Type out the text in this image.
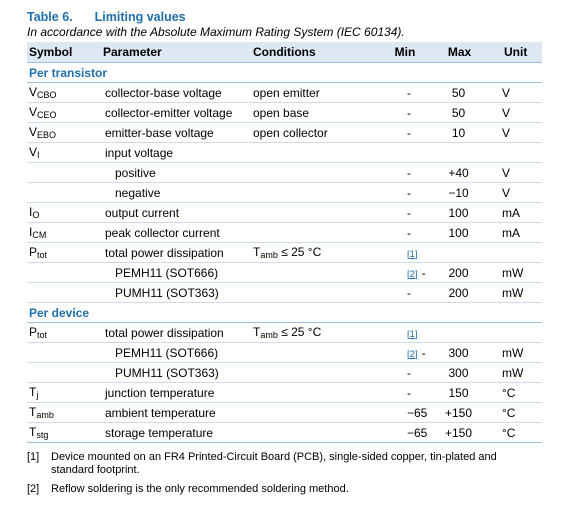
Table 6. Limiting values
In accordance with the Absolute Maximum Rating System (IEC 60134).
Symbol	Parameter	Conditions	Min	Max	Unit
Per transistor					
$V_{CBO}$	collector-base voltage	open emitter	-	50	V
$V_{CEO}$	collector-emitter voltage	open base	-	50	V
$V_{EBO}$	emitter-base voltage	open collector	-	10	V
$V_I$	input voltage				
	positive		-	+40	V
	negative		-	−10	V
$I_O$	output current		-	100	mA
$I_{CM}$	peak collector current		-	100	mA
$P_{tot}$	total power dissipation	$T_{amb} \le 25$ °C	[1]		
	PEMH11 (SOT666)		[2] -	200	mW
	PUMH11 (SOT363)		-	200	mW
Per device					
$P_{tot}$	total power dissipation	$T_{amb} \le 25$ °C	[1]		
	PEMH11 (SOT666)		[2] -	300	mW
	PUMH11 (SOT363)		-	300	mW
$T_j$	junction temperature		-	150	°C
$T_{amb}$	ambient temperature		−65	+150	°C
$T_{stg}$	storage temperature		−65	+150	°C
[1]	Device mounted on an FR4 Printed-Circuit Board (PCB), single-sided copper, tin-plated and standard footprint.
[2]	Reflow soldering is the only recommended soldering method.
